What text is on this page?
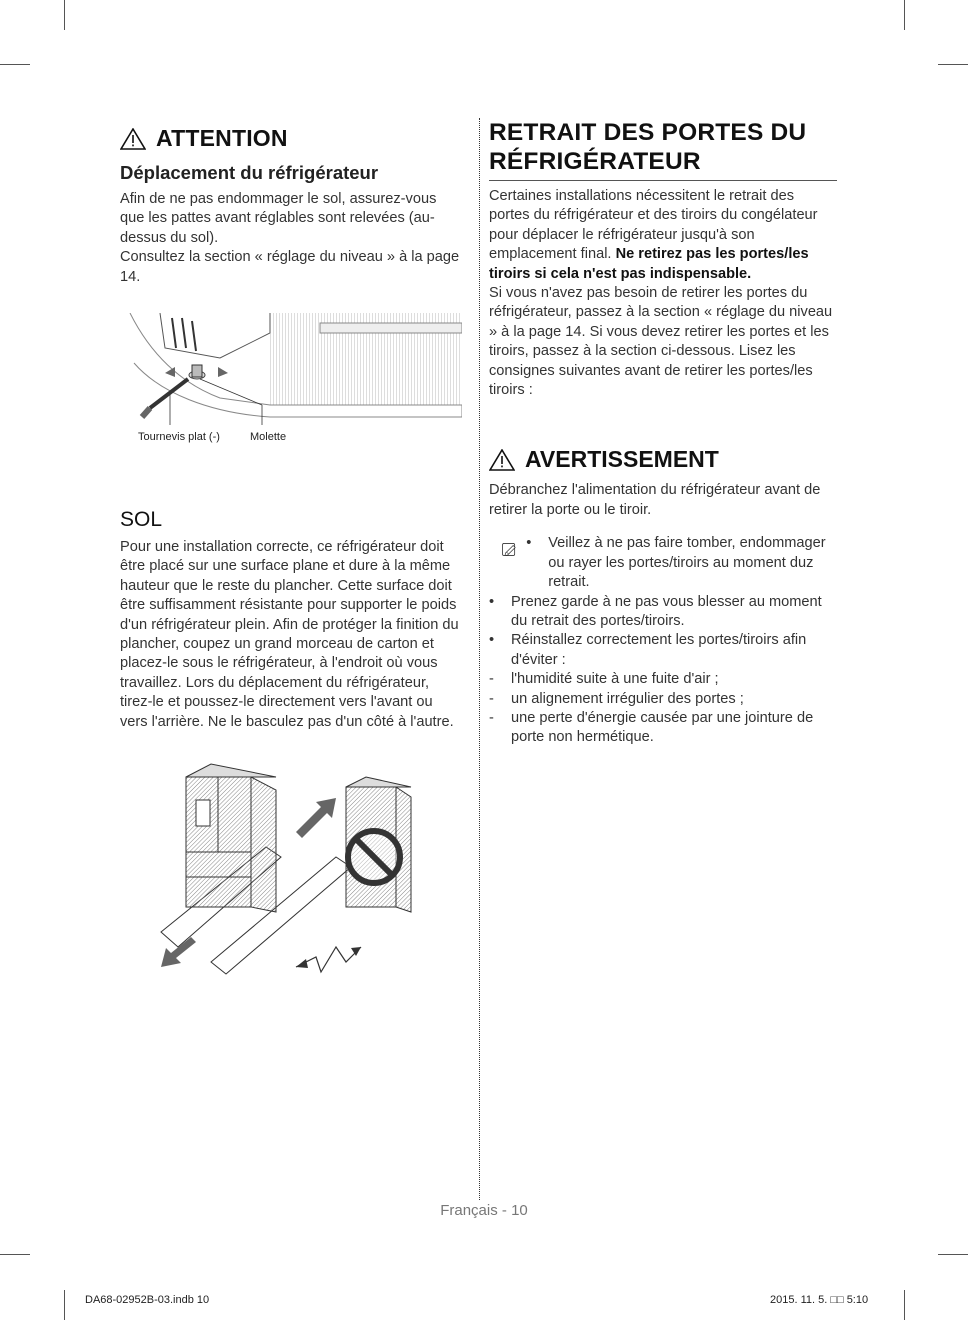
ATTENTION
Déplacement du réfrigérateur
Afin de ne pas endommager le sol, assurez-vous que les pattes avant réglables sont relevées (au-dessus du sol).
Consultez la section « réglage du niveau » à la page 14.
Tournevis plat (-)	Molette
SOL
Pour une installation correcte, ce réfrigérateur doit être placé sur une surface plane et dure à la même hauteur que le reste du plancher. Cette surface doit être suffisamment résistante pour supporter le poids d'un réfrigérateur plein. Afin de protéger la finition du plancher, coupez un grand morceau de carton et placez-le sous le réfrigérateur, à l'endroit où vous travaillez. Lors du déplacement du réfrigérateur, tirez-le et poussez-le directement vers l'avant ou vers l'arrière. Ne le basculez pas d'un côté à l'autre.
RETRAIT DES PORTES DU
RÉFRIGÉRATEUR
Certaines installations nécessitent le retrait des portes du réfrigérateur et des tiroirs du congélateur pour déplacer le réfrigérateur jusqu'à son emplacement final. Ne retirez pas les portes/les tiroirs si cela n'est pas indispensable.
Si vous n'avez pas besoin de retirer les portes du réfrigérateur, passez à la section « réglage du niveau » à la page 14. Si vous devez retirer les portes et les tiroirs, passez à la section ci-dessous. Lisez les consignes suivantes avant de retirer les portes/les tiroirs :
AVERTISSEMENT
Débranchez l'alimentation du réfrigérateur avant de retirer la porte ou le tiroir.
•	Veillez à ne pas faire tomber, endommager ou rayer les portes/tiroirs au moment duz retrait.
•	Prenez garde à ne pas vous blesser au moment du retrait des portes/tiroirs.
•	Réinstallez correctement les portes/tiroirs afin d'éviter :
-	l'humidité suite à une fuite d'air ;
-	un alignement irrégulier des portes ;
-	une perte d'énergie causée par une jointure de porte non hermétique.
Français - 10
DA68-02952B-03.indb 10	2015. 11. 5. □□ 5:10
